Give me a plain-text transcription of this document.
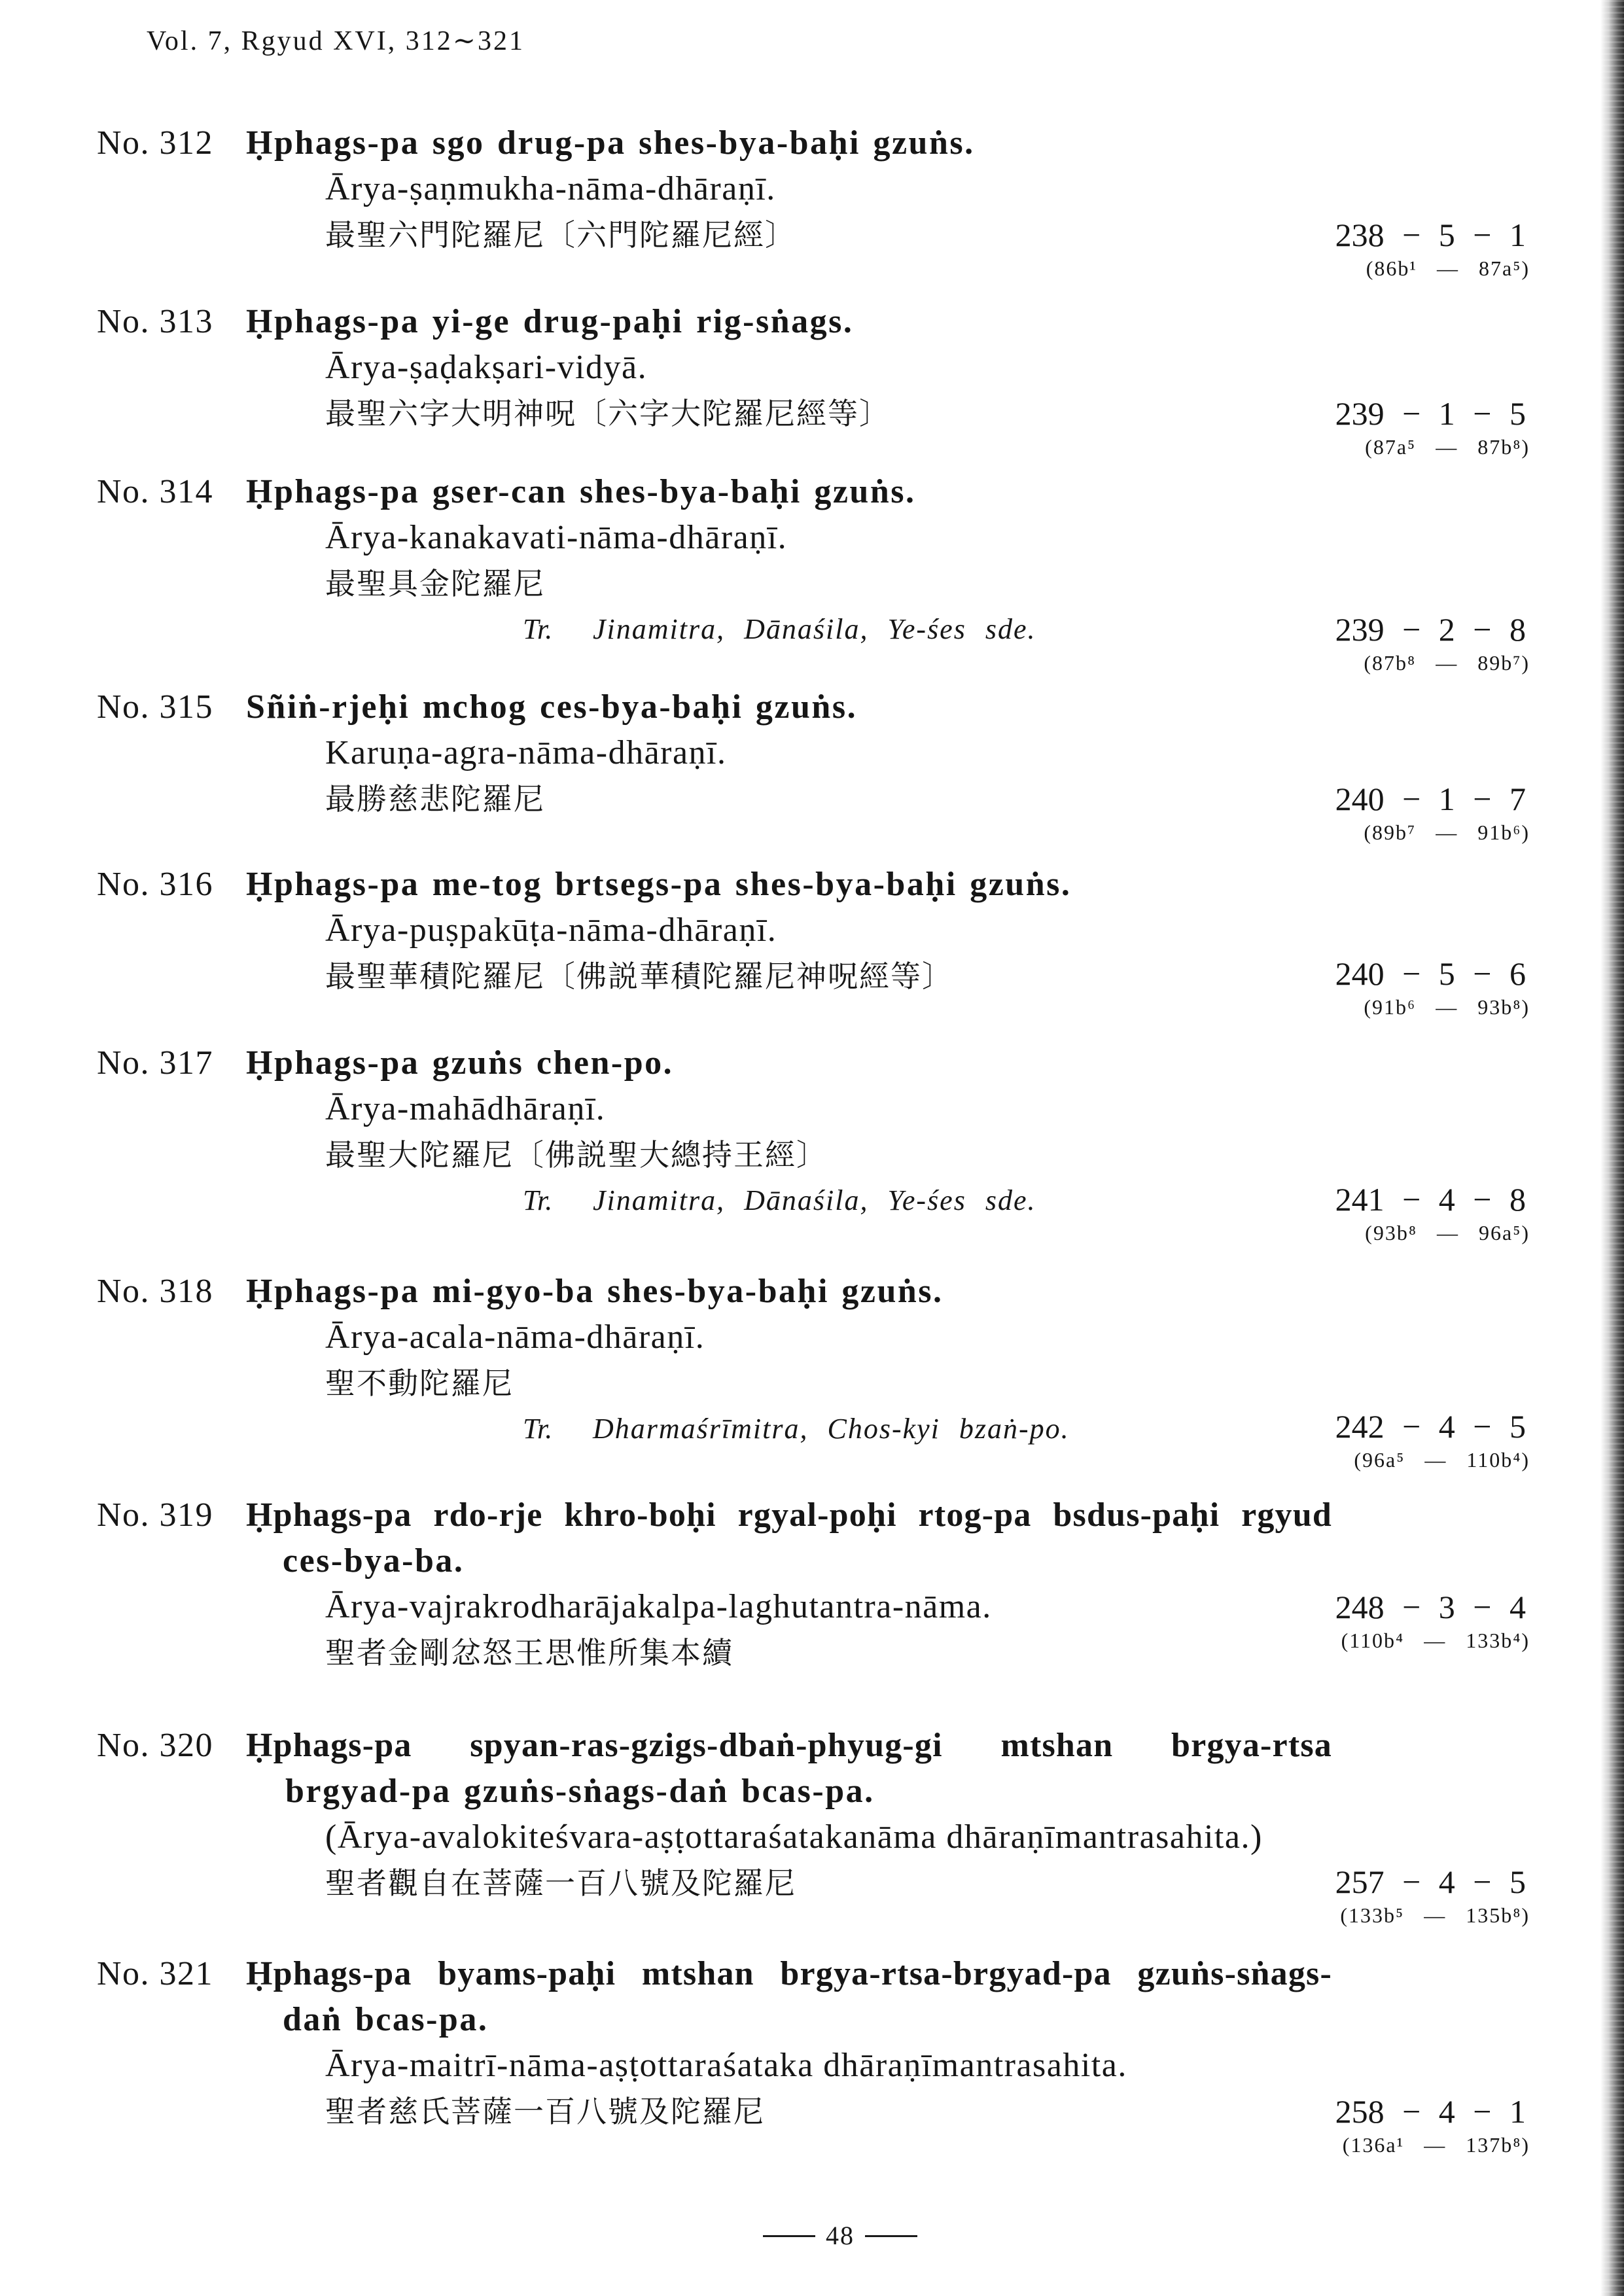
Vol. 7, Rgyud XVI, 312∼321
No. 312 Ḥphags-pa sgo drug-pa shes-bya-baḥi gzuṅs.
Ārya-ṣaṇmukha-nāma-dhāraṇī.
最聖六門陀羅尼〔六門陀羅尼經〕	238 − 5 − 1
(86b¹ — 87a⁵)
No. 313 Ḥphags-pa yi-ge drug-paḥi rig-sṅags.
Ārya-ṣaḍakṣari-vidyā.
最聖六字大明神呪〔六字大陀羅尼經等〕	239 − 1 − 5
(87a⁵ — 87b⁸)
No. 314 Ḥphags-pa gser-can shes-bya-baḥi gzuṅs.
Ārya-kanakavati-nāma-dhāraṇī.
最聖具金陀羅尼
Tr. Jinamitra, Dānaśila, Ye-śes sde.	239 − 2 − 8
(87b⁸ — 89b⁷)
No. 315 Sñiṅ-rjeḥi mchog ces-bya-baḥi gzuṅs.
Karuṇa-agra-nāma-dhāraṇī.
最勝慈悲陀羅尼	240 − 1 − 7
(89b⁷ — 91b⁶)
No. 316 Ḥphags-pa me-tog brtsegs-pa shes-bya-baḥi gzuṅs.
Ārya-puṣpakūṭa-nāma-dhāraṇī.
最聖華積陀羅尼〔佛説華積陀羅尼神呪經等〕	240 − 5 − 6
(91b⁶ — 93b⁸)
No. 317 Ḥphags-pa gzuṅs chen-po.
Ārya-mahādhāraṇī.
最聖大陀羅尼〔佛説聖大總持王經〕
Tr. Jinamitra, Dānaśila, Ye-śes sde.	241 − 4 − 8
(93b⁸ — 96a⁵)
No. 318 Ḥphags-pa mi-gyo-ba shes-bya-baḥi gzuṅs.
Ārya-acala-nāma-dhāraṇī.
聖不動陀羅尼
Tr. Dharmaśrīmitra, Chos-kyi bzaṅ-po.	242 − 4 − 5
(96a⁵ — 110b⁴)
No. 319 Ḥphags-pa rdo-rje khro-boḥi rgyal-poḥi rtog-pa bsdus-paḥi rgyud
ces-bya-ba.
Ārya-vajrakrodharājakalpa-laghutantra-nāma.
聖者金剛忿怒王思惟所集本續
248 − 3 − 4
(110b⁴ — 133b⁴)
No. 320 Ḥphags-pa spyan-ras-gzigs-dbaṅ-phyug-gi mtshan brgya-rtsa
brgyad-pa gzuṅs-sṅags-daṅ bcas-pa.
(Ārya-avalokiteśvara-aṣṭottaraśatakanāma dhāraṇīmantrasahita.)
聖者觀自在菩薩一百八號及陀羅尼	257 − 4 − 5
(133b⁵ — 135b⁸)
No. 321 Ḥphags-pa byams-paḥi mtshan brgya-rtsa-brgyad-pa gzuṅs-sṅags-
daṅ bcas-pa.
Ārya-maitrī-nāma-aṣṭottaraśataka dhāraṇīmantrasahita.
聖者慈氏菩薩一百八號及陀羅尼	258 − 4 − 1
(136a¹ — 137b⁸)
48
